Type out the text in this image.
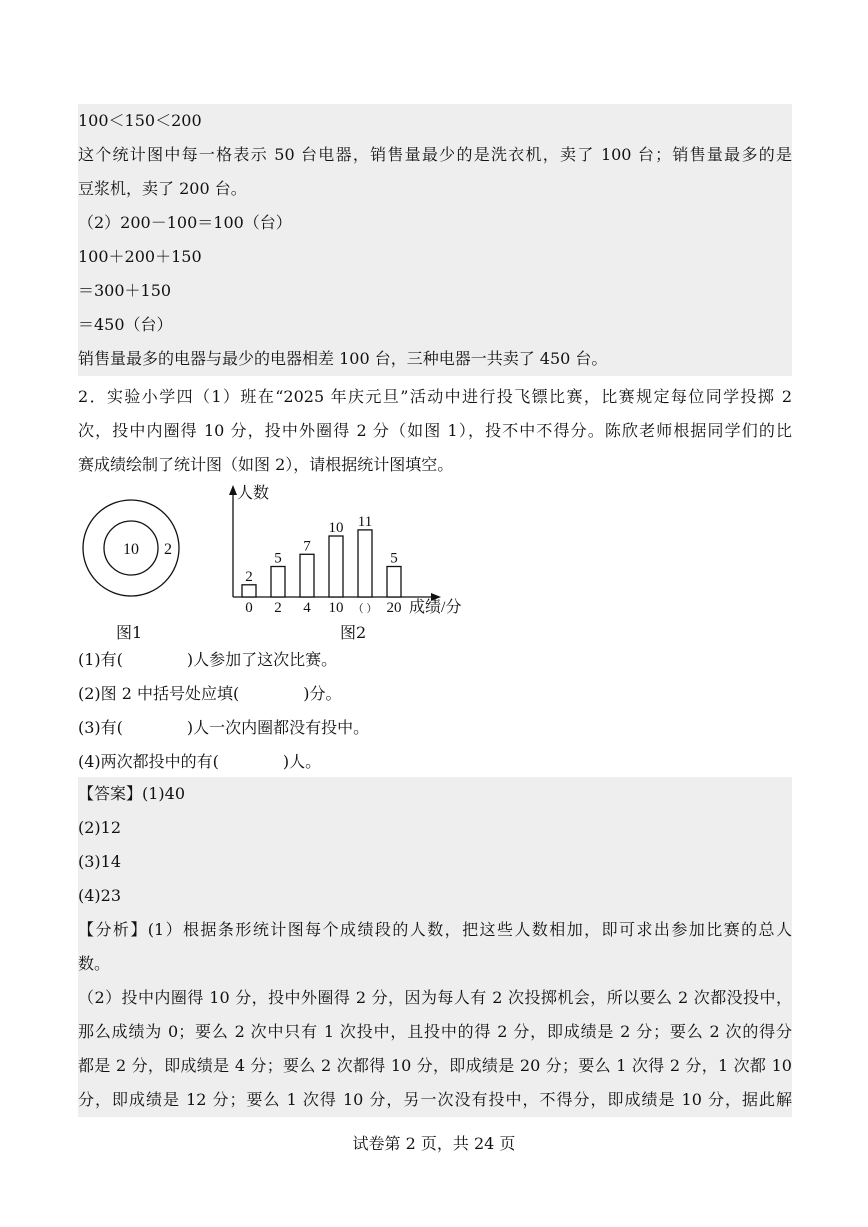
100＜150＜200
这个统计图中每一格表示 50 台电器，销售量最少的是洗衣机，卖了 100 台；销售量最多的是
豆浆机，卖了 200 台。
（2）200－100＝100（台）
100＋200＋150
＝300＋150
＝450（台）
销售量最多的电器与最少的电器相差 100 台，三种电器一共卖了 450 台。
2．实验小学四（1）班在“2025 年庆元旦”活动中进行投飞镖比赛，比赛规定每位同学投掷 2
次，投中内圈得 10 分，投中外圈得 2 分（如图 1），投不中不得分。陈欣老师根据同学们的比
赛成绩绘制了统计图（如图 2），请根据统计图填空。
10 2
图1
人数
成绩/分
2
0
5
2
7
4
10
10
11
（ ）
5
20
图2
(1)有(　　　　)人参加了这次比赛。
(2)图 2 中括号处应填(　　　　)分。
(3)有(　　　　)人一次内圈都没有投中。
(4)两次都投中的有(　　　　)人。
【答案】(1)40
(2)12
(3)14
(4)23
【分析】(1）根据条形统计图每个成绩段的人数，把这些人数相加，即可求出参加比赛的总人
数。
（2）投中内圈得 10 分，投中外圈得 2 分，因为每人有 2 次投掷机会，所以要么 2 次都没投中，
那么成绩为 0；要么 2 次中只有 1 次投中，且投中的得 2 分，即成绩是 2 分；要么 2 次的得分
都是 2 分，即成绩是 4 分；要么 2 次都得 10 分，即成绩是 20 分；要么 1 次得 2 分，1 次都 10
分，即成绩是 12 分；要么 1 次得 10 分，另一次没有投中，不得分，即成绩是 10 分，据此解
试卷第 2 页，共 24 页
